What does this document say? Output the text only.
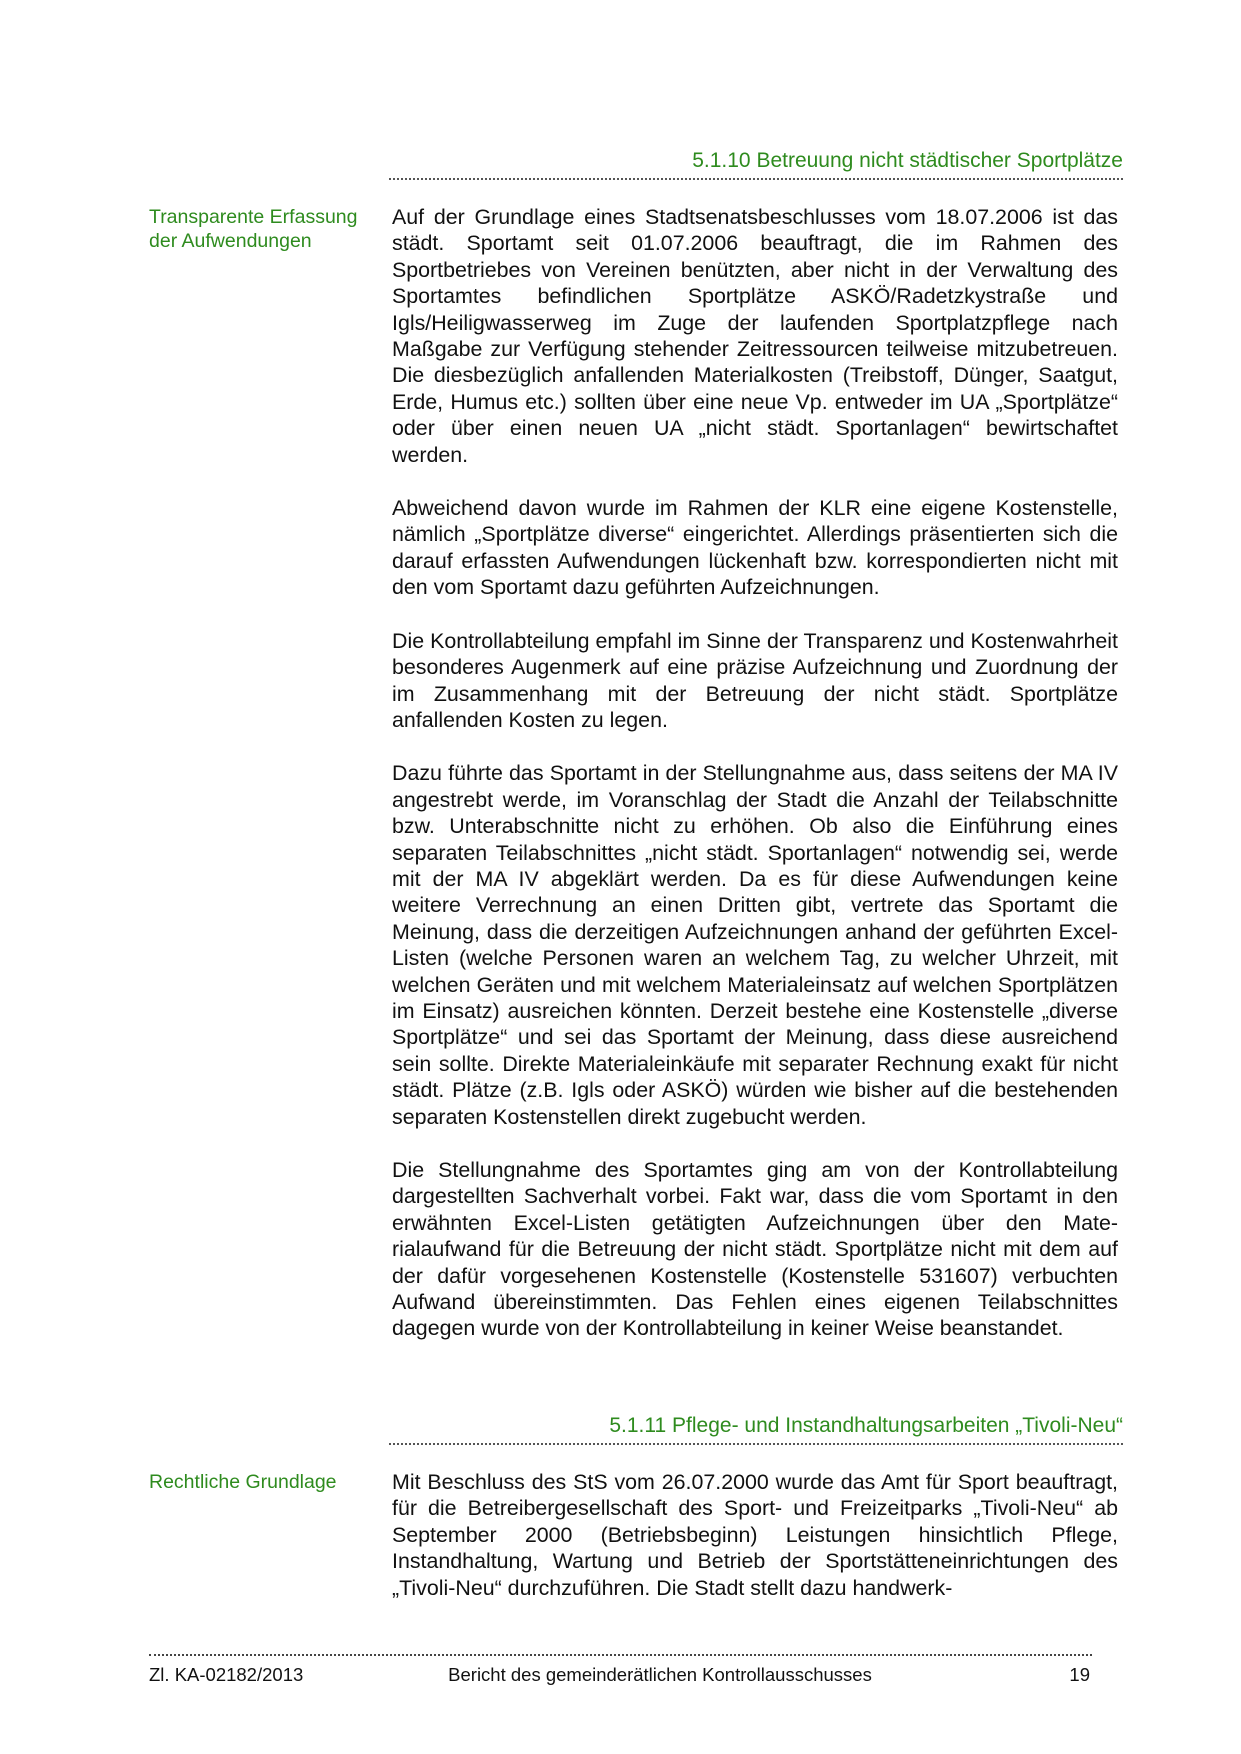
5.1.10 Betreuung nicht städtischer Sportplätze
Transparente Erfassung
der Aufwendungen

Auf der Grundlage eines Stadtsenatsbeschlusses vom 18.07.2006 ist das städt. Sportamt seit 01.07.2006 beauftragt, die im Rahmen des Sportbetriebes von Vereinen benützten, aber nicht in der Verwaltung des Sportamtes befindlichen Sportplätze ASKÖ/Radetzkystraße und Igls/Heiligwasserweg im Zuge der laufenden Sportplatzpflege nach Maßgabe zur Verfügung stehender Zeitressourcen teilweise mitzubetreuen. Die diesbezüglich anfallenden Materialkosten (Treibstoff, Dünger, Saatgut, Erde, Humus etc.) sollten über eine neue Vp. entweder im UA „Sportplätze“ oder über einen neuen UA „nicht städt. Sportanlagen“ bewirtschaftet werden.

Abweichend davon wurde im Rahmen der KLR eine eigene Kostenstelle, nämlich „Sportplätze diverse“ eingerichtet. Allerdings präsentierten sich die darauf erfassten Aufwendungen lückenhaft bzw. korrespondierten nicht mit den vom Sportamt dazu geführten Aufzeichnungen.

Die Kontrollabteilung empfahl im Sinne der Transparenz und Kostenwahrheit besonderes Augenmerk auf eine präzise Aufzeichnung und Zuordnung der im Zusammenhang mit der Betreuung der nicht städt. Sportplätze anfallenden Kosten zu legen.

Dazu führte das Sportamt in der Stellungnahme aus, dass seitens der MA IV angestrebt werde, im Voranschlag der Stadt die Anzahl der Teilabschnitte bzw. Unterabschnitte nicht zu erhöhen. Ob also die Einführung eines separaten Teilabschnittes „nicht städt. Sportanlagen“ notwendig sei, werde mit der MA IV abgeklärt werden. Da es für diese Aufwendungen keine weitere Verrechnung an einen Dritten gibt, vertrete das Sportamt die Meinung, dass die derzeitigen Aufzeichnungen anhand der geführten Excel-Listen (welche Personen waren an welchem Tag, zu welcher Uhrzeit, mit welchen Geräten und mit welchem Materialeinsatz auf welchen Sportplätzen im Einsatz) ausreichen könnten. Derzeit bestehe eine Kostenstelle „diverse Sportplätze“ und sei das Sportamt der Meinung, dass diese ausreichend sein sollte. Direkte Materialeinkäufe mit separater Rechnung exakt für nicht städt. Plätze (z.B. Igls oder ASKÖ) würden wie bisher auf die bestehenden separaten Kostenstellen direkt zugebucht werden.

Die Stellungnahme des Sportamtes ging am von der Kontrollabteilung dargestellten Sachverhalt vorbei. Fakt war, dass die vom Sportamt in den erwähnten Excel-Listen getätigten Aufzeichnungen über den Materialaufwand für die Betreuung der nicht städt. Sportplätze nicht mit dem auf der dafür vorgesehenen Kostenstelle (Kostenstelle 531607) verbuchten Aufwand übereinstimmten. Das Fehlen eines eigenen Teilabschnittes dagegen wurde von der Kontrollabteilung in keiner Weise beanstandet.

5.1.11 Pflege- und Instandhaltungsarbeiten „Tivoli-Neu“
Rechtliche Grundlage	Mit Beschluss des StS vom 26.07.2000 wurde das Amt für Sport beauftragt, für die Betreibergesellschaft des Sport- und Freizeitparks „Tivoli-Neu“ ab September 2000 (Betriebsbeginn) Leistungen hinsichtlich Pflege, Instandhaltung, Wartung und Betrieb der Sportstätteneinrichtungen des „Tivoli-Neu“ durchzuführen. Die Stadt stellt dazu handwerk-

Zl. KA-02182/2013	Bericht des gemeinderätlichen Kontrollausschusses	19
